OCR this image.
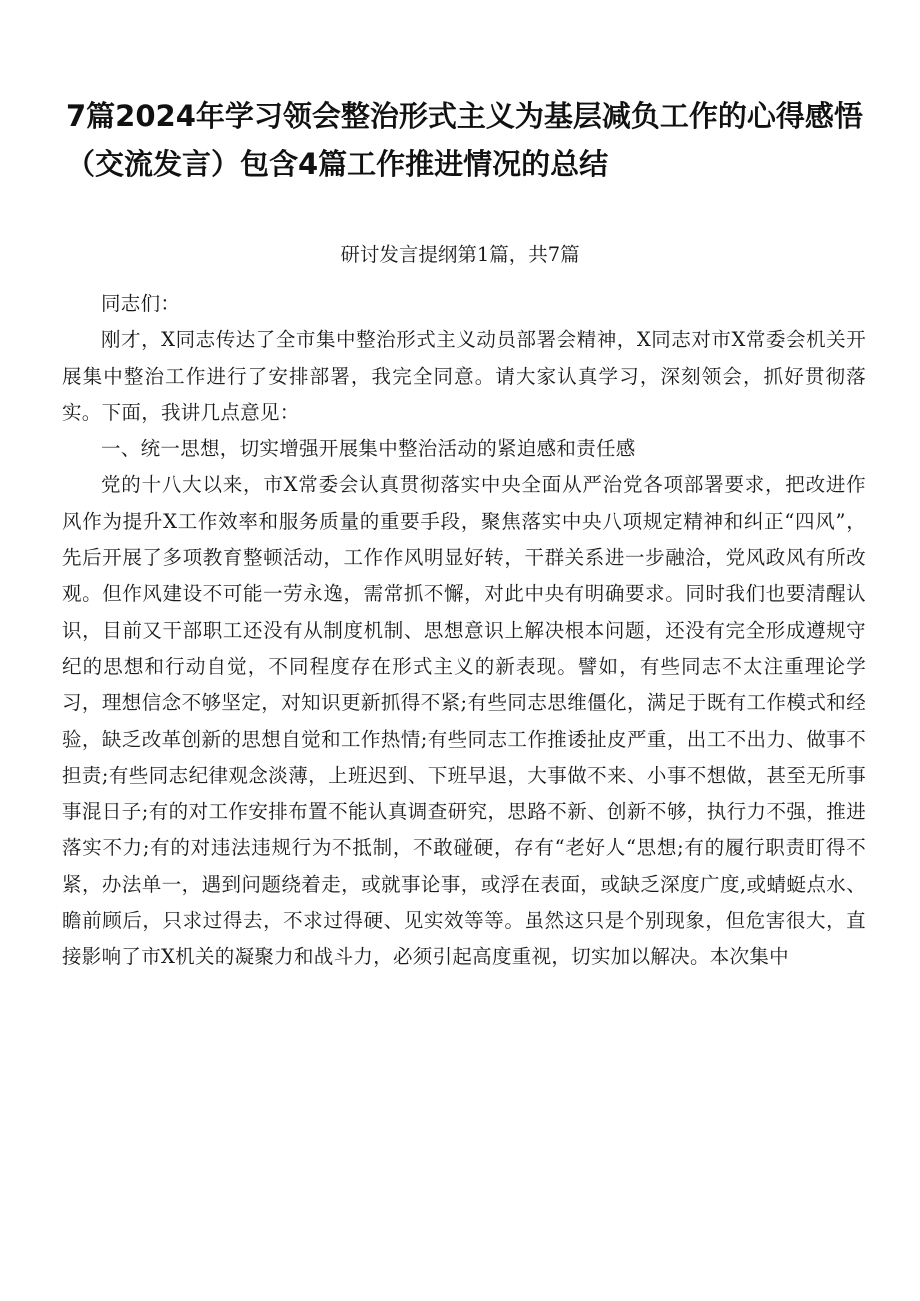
7篇2024年学习领会整治形式主义为基层减负工作的心得感悟（交流发言）包含4篇工作推进情况的总结
研讨发言提纲第1篇，共7篇

同志们：

刚才，X同志传达了全市集中整治形式主义动员部署会精神，X同志对市X常委会机关开展集中整治工作进行了安排部署，我完全同意。请大家认真学习，深刻领会，抓好贯彻落实。下面，我讲几点意见：

一、统一思想，切实增强开展集中整治活动的紧迫感和责任感

党的十八大以来，市X常委会认真贯彻落实中央全面从严治党各项部署要求，把改进作风作为提升X工作效率和服务质量的重要手段，聚焦落实中央八项规定精神和纠正“四风”，先后开展了多项教育整顿活动，工作作风明显好转，干群关系进一步融洽，党风政风有所改观。但作风建设不可能一劳永逸，需常抓不懈，对此中央有明确要求。同时我们也要清醒认识，目前又干部职工还没有从制度机制、思想意识上解决根本问题，还没有完全形成遵规守纪的思想和行动自觉，不同程度存在形式主义的新表现。譬如，有些同志不太注重理论学习，理想信念不够坚定，对知识更新抓得不紧;有些同志思维僵化，满足于既有工作模式和经验，缺乏改革创新的思想自觉和工作热情;有些同志工作推诿扯皮严重，出工不出力、做事不担责;有些同志纪律观念淡薄，上班迟到、下班早退，大事做不来、小事不想做，甚至无所事事混日子;有的对工作安排布置不能认真调查研究，思路不新、创新不够，执行力不强，推进落实不力;有的对违法违规行为不抵制，不敢碰硬，存有“老好人“思想;有的履行职责盯得不紧，办法单一，遇到问题绕着走，或就事论事，或浮在表面，或缺乏深度广度,或蜻蜓点水、瞻前顾后，只求过得去，不求过得硬、见实效等等。虽然这只是个别现象，但危害很大，直接影响了市X机关的凝聚力和战斗力，必须引起高度重视，切实加以解决。本次集中
